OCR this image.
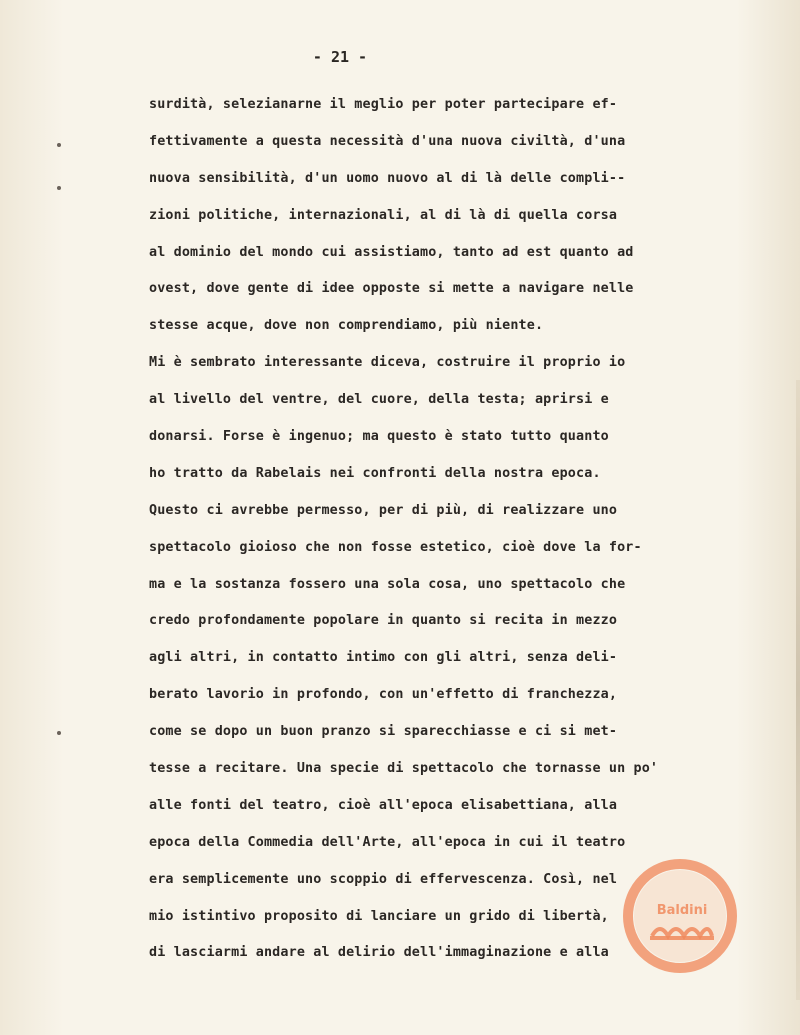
- 21 -
surdità, selezianarne il meglio per poter partecipare ef-
fettivamente a questa necessità d'una nuova civiltà, d'una
nuova sensibilità, d'un uomo nuovo al di là delle compli--
zioni politiche, internazionali, al di là di quella corsa
al dominio del mondo cui assistiamo, tanto ad est quanto ad
ovest, dove gente di idee opposte si mette a navigare nelle
stesse acque, dove non comprendiamo, più niente.
Mi è sembrato interessante diceva, costruire il proprio io
al livello del ventre, del cuore, della testa; aprirsi e
donarsi. Forse è ingenuo; ma questo è stato tutto quanto
ho tratto da Rabelais nei confronti della nostra epoca.
Questo ci avrebbe permesso, per di più, di realizzare uno
spettacolo gioioso che non fosse estetico, cioè dove la for-
ma e la sostanza fossero una sola cosa, uno spettacolo che
credo profondamente popolare in quanto si recita in mezzo
agli altri, in contatto intimo con gli altri, senza deli-
berato lavorio in profondo, con un'effetto di franchezza,
come se dopo un buon pranzo si sparecchiasse e ci si met-
tesse a recitare. Una specie di spettacolo che tornasse un po'
alle fonti del teatro, cioè all'epoca elisabettiana, alla
epoca della Commedia dell'Arte, all'epoca in cui il teatro
era semplicemente uno scoppio di effervescenza. Così, nel
mio istintivo proposito di lanciare un grido di libertà,
di lasciarmi andare al delirio dell'immaginazione e alla
Baldini
